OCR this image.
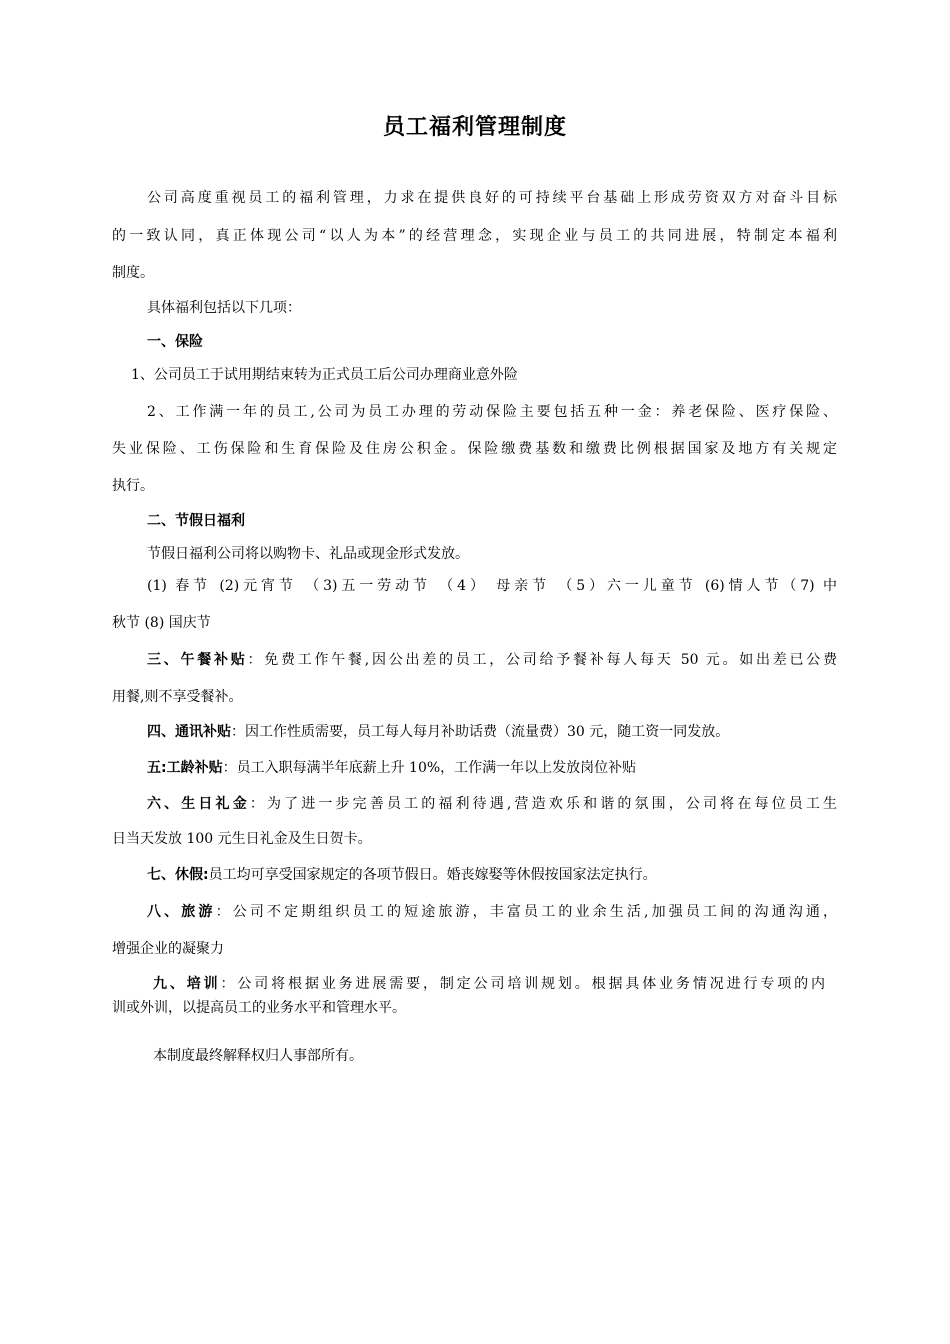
员工福利管理制度
公司高度重视员工的福利管理，力求在提供良好的可持续平台基础上形成劳资双方对奋斗目标
的一致认同，真正体现公司“以人为本”的经营理念，实现企业与员工的共同进展，特制定本福利
制度。
具体福利包括以下几项：
一、保险
1、公司员工于试用期结束转为正式员工后公司办理商业意外险
2、工作满一年的员工,公司为员工办理的劳动保险主要包括五种一金：养老保险、医疗保险、
失业保险、工伤保险和生育保险及住房公积金。保险缴费基数和缴费比例根据国家及地方有关规定
执行。
二、节假日福利
节假日福利公司将以购物卡、礼品或现金形式发放。
(1) 春节 (2)元宵节 （3)五一劳动节 （4） 母亲节 （5）六一儿童节 (6)情人节（7) 中
秋节 (8) 国庆节
三、午餐补贴：免费工作午餐,因公出差的员工，公司给予餐补每人每天 50 元。如出差已公费
用餐,则不享受餐补。
四、通讯补贴：因工作性质需要，员工每人每月补助话费（流量费）30 元，随工资一同发放。
五:工龄补贴：员工入职每满半年底薪上升 10%，工作满一年以上发放岗位补贴
六、生日礼金：为了进一步完善员工的福利待遇,营造欢乐和谐的氛围，公司将在每位员工生
日当天发放 100 元生日礼金及生日贺卡。
七、休假:员工均可享受国家规定的各项节假日。婚丧嫁娶等休假按国家法定执行。
八、旅游：公司不定期组织员工的短途旅游，丰富员工的业余生活,加强员工间的沟通沟通，
增强企业的凝聚力
九、培训：公司将根据业务进展需要，制定公司培训规划。根据具体业务情况进行专项的内
训或外训，以提高员工的业务水平和管理水平。
本制度最终解释权归人事部所有。
